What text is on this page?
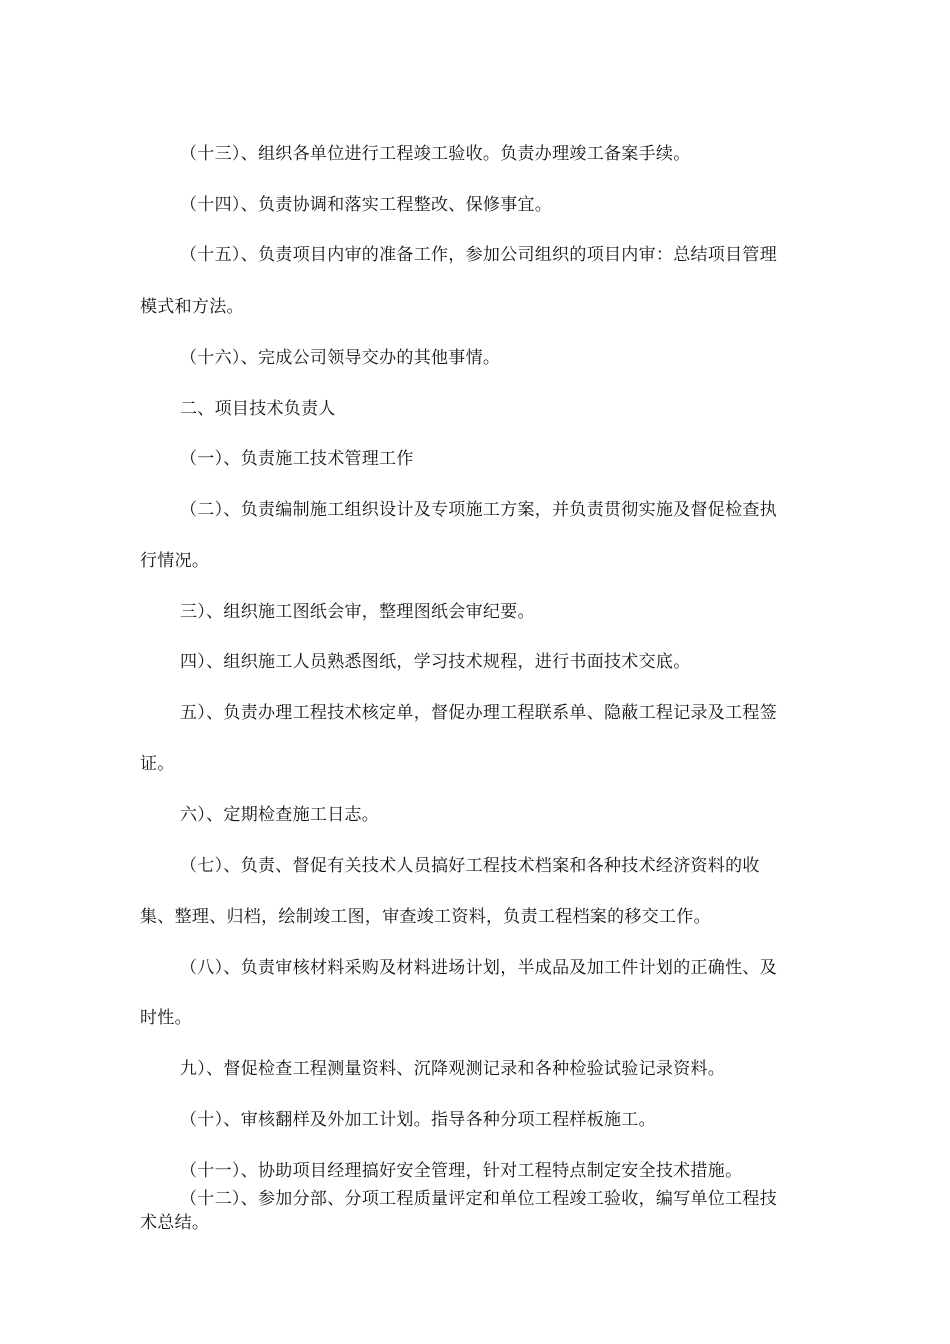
（十三）、组织各单位进行工程竣工验收。负责办理竣工备案手续。
（十四）、负责协调和落实工程整改、保修事宜。
（十五）、负责项目内审的准备工作，参加公司组织的项目内审：总结项目管理
模式和方法。
（十六）、完成公司领导交办的其他事情。
二、项目技术负责人
（一）、负责施工技术管理工作
（二）、负责编制施工组织设计及专项施工方案，并负责贯彻实施及督促检查执
行情况。
三）、组织施工图纸会审，整理图纸会审纪要。
四）、组织施工人员熟悉图纸，学习技术规程，进行书面技术交底。
五）、负责办理工程技术核定单，督促办理工程联系单、隐蔽工程记录及工程签
证。
六）、定期检查施工日志。
（七）、负责、督促有关技术人员搞好工程技术档案和各种技术经济资料的收
集、整理、归档，绘制竣工图，审查竣工资料，负责工程档案的移交工作。
（八）、负责审核材料采购及材料进场计划，半成品及加工件计划的正确性、及
时性。
九）、督促检查工程测量资料、沉降观测记录和各种检验试验记录资料。
（十）、审核翻样及外加工计划。指导各种分项工程样板施工。
（十一）、协助项目经理搞好安全管理，针对工程特点制定安全技术措施。
（十二）、参加分部、分项工程质量评定和单位工程竣工验收，编写单位工程技
术总结。
